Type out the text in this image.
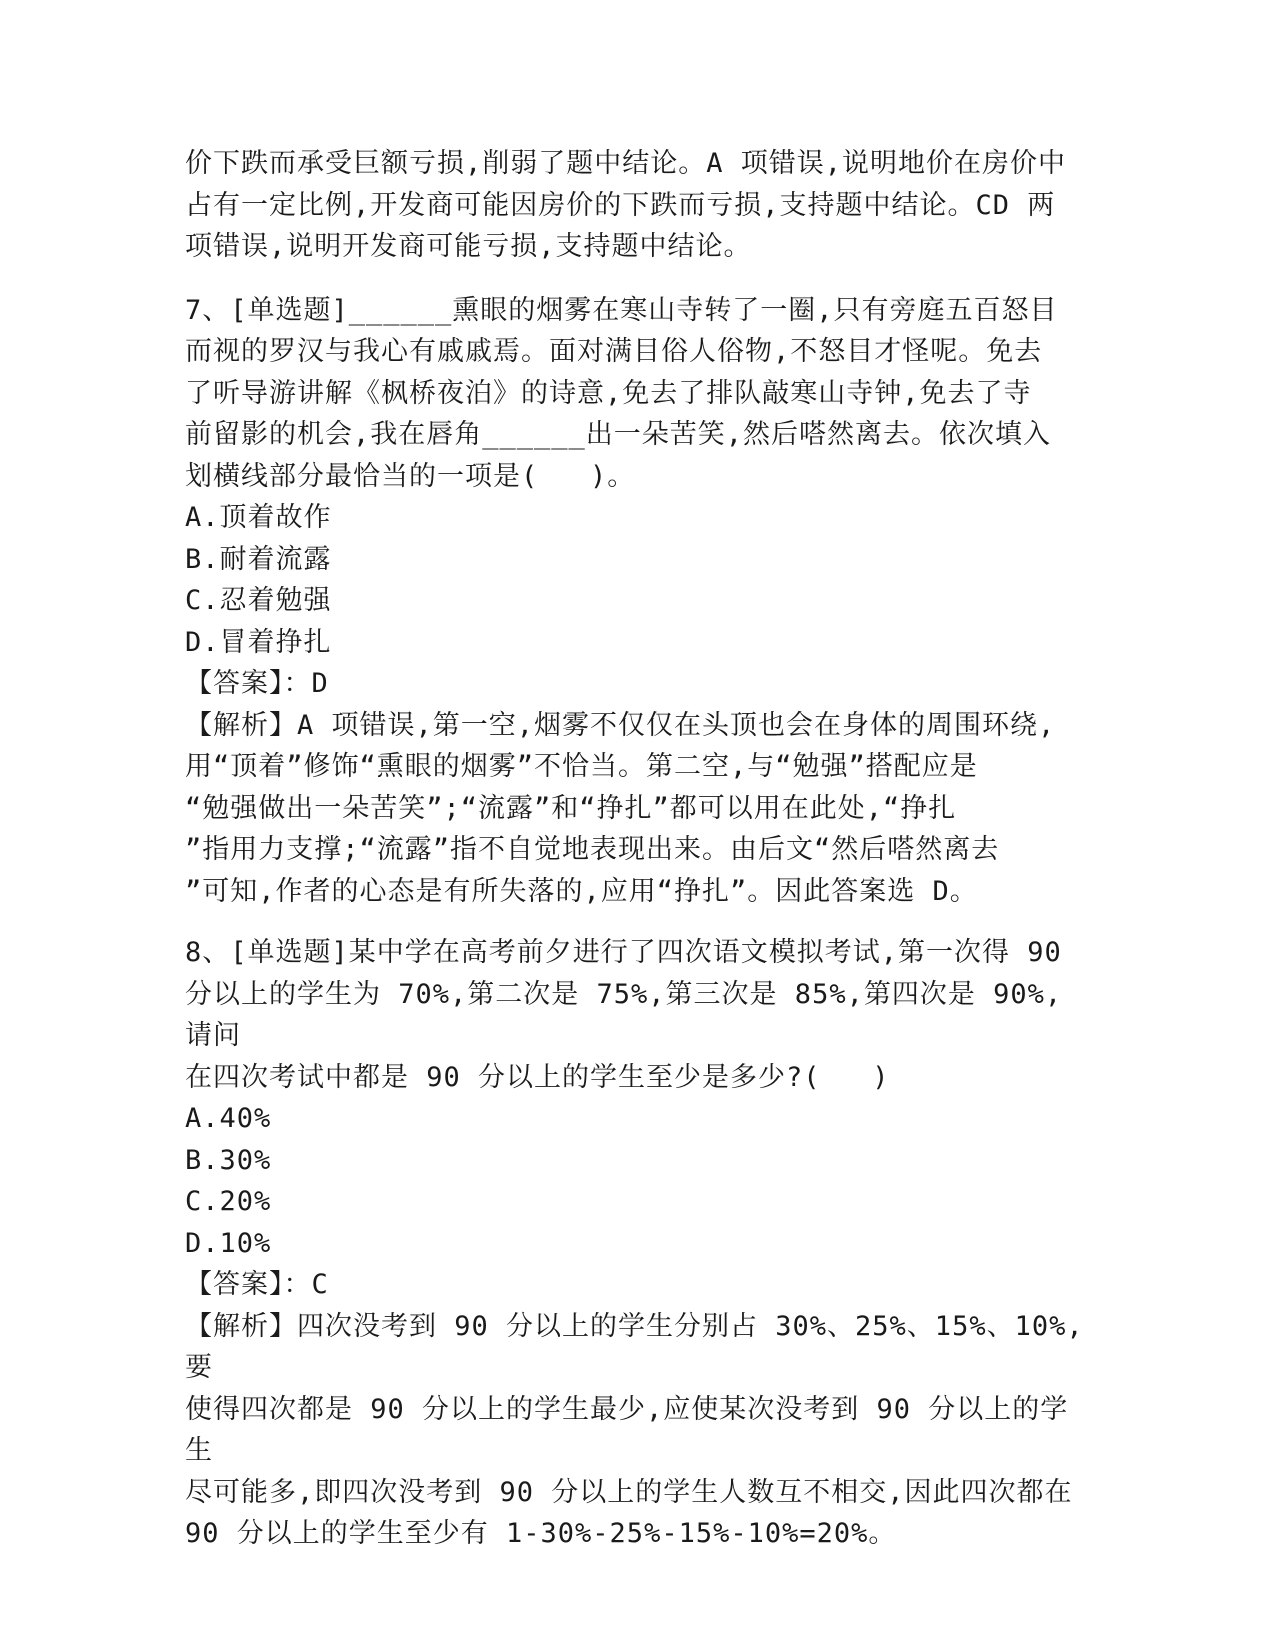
价下跌而承受巨额亏损,削弱了题中结论。A 项错误,说明地价在房价中

占有一定比例,开发商可能因房价的下跌而亏损,支持题中结论。CD 两

项错误,说明开发商可能亏损,支持题中结论。

7、[单选题]______熏眼的烟雾在寒山寺转了一圈,只有旁庭五百怒目

而视的罗汉与我心有戚戚焉。面对满目俗人俗物,不怒目才怪呢。免去

了听导游讲解《枫桥夜泊》的诗意,免去了排队敲寒山寺钟,免去了寺

前留影的机会,我在唇角______出一朵苦笑,然后嗒然离去。依次填入

划横线部分最恰当的一项是(   )。

A.顶着故作

B.耐着流露

C.忍着勉强

D.冒着挣扎

【答案】：D

【解析】A 项错误,第一空,烟雾不仅仅在头顶也会在身体的周围环绕,

用“顶着”修饰“熏眼的烟雾”不恰当。第二空,与“勉强”搭配应是

“勉强做出一朵苦笑”;“流露”和“挣扎”都可以用在此处,“挣扎

”指用力支撑;“流露”指不自觉地表现出来。由后文“然后嗒然离去

”可知,作者的心态是有所失落的,应用“挣扎”。因此答案选 D。

8、[单选题]某中学在高考前夕进行了四次语文模拟考试,第一次得 90

分以上的学生为 70%,第二次是 75%,第三次是 85%,第四次是 90%,请问

在四次考试中都是 90 分以上的学生至少是多少?(   )

A.40%

B.30%

C.20%

D.10%

【答案】：C

【解析】四次没考到 90 分以上的学生分别占 30%、25%、15%、10%,要

使得四次都是 90 分以上的学生最少,应使某次没考到 90 分以上的学生

尽可能多,即四次没考到 90 分以上的学生人数互不相交,因此四次都在

90 分以上的学生至少有 1-30%-25%-15%-10%=20%。
